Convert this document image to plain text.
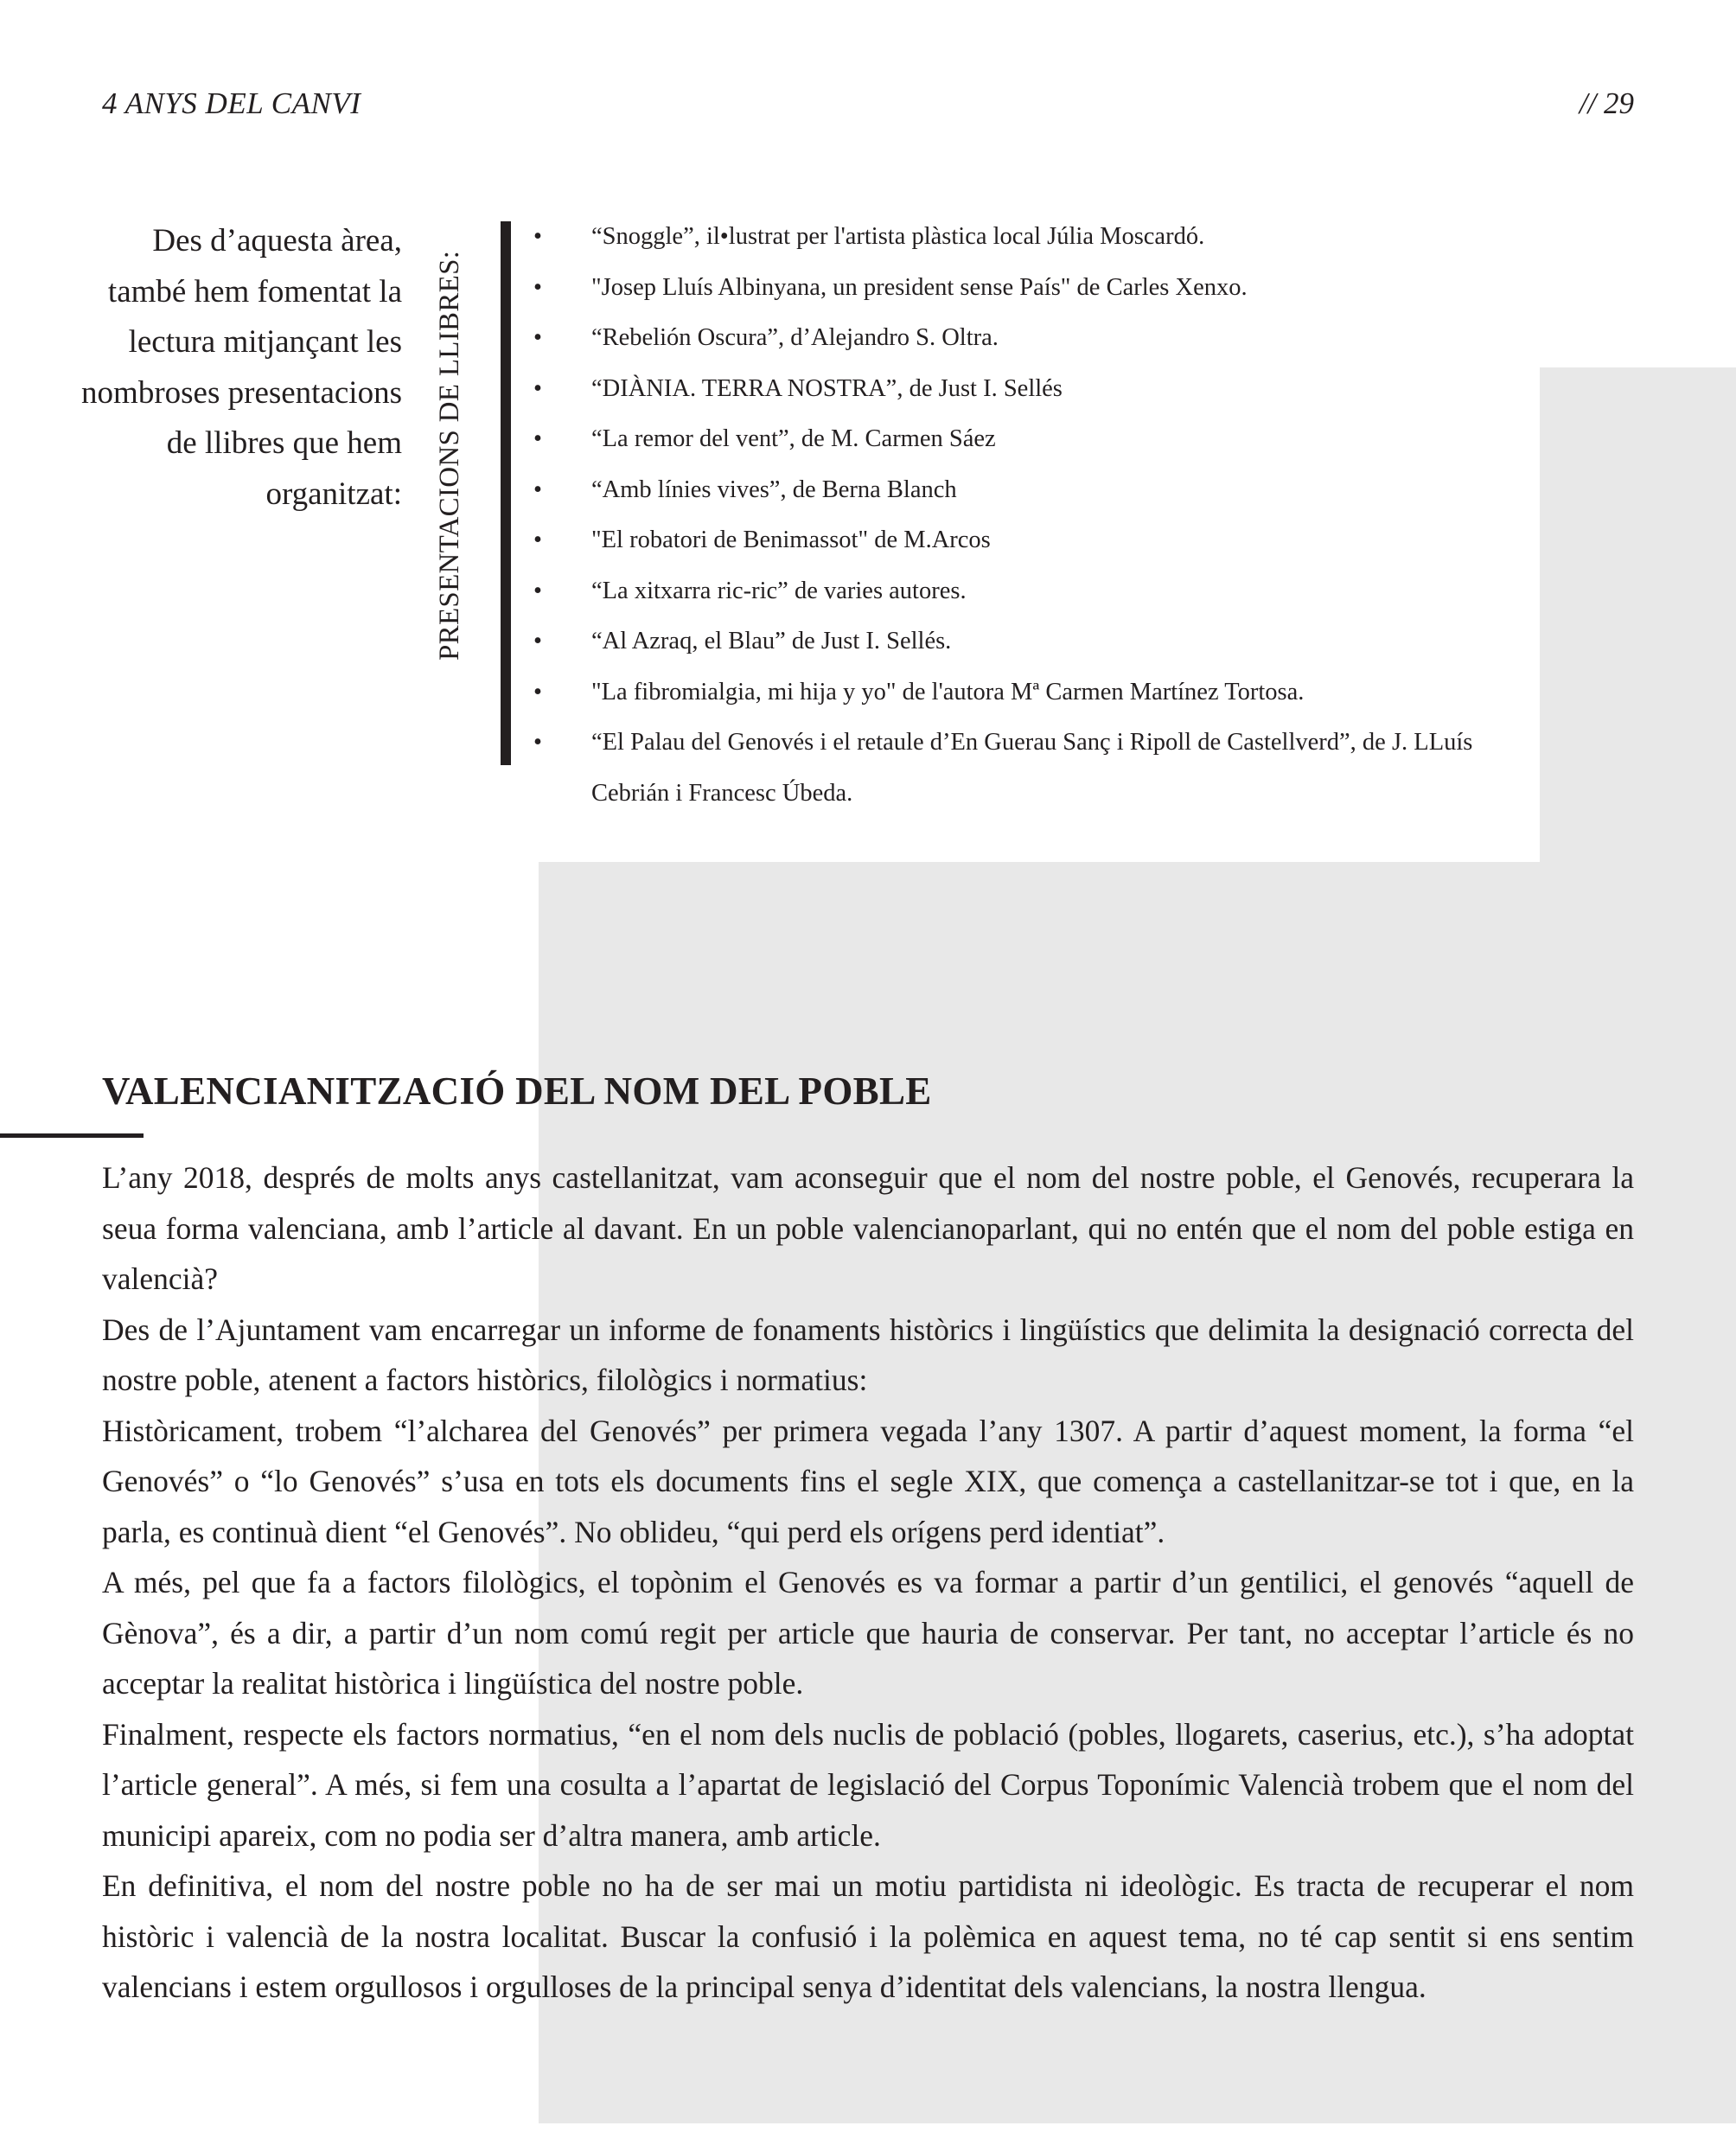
4 ANYS DEL CANVI	// 29
Des d’aquesta àrea, també hem fomentat la lectura mitjançant les nombroses presentacions de llibres que hem organitzat: PRESENTACIONS DE LLIBRES:
• “Snoggle”, il•lustrat per l'artista plàstica local Júlia Moscardó.
• "Josep Lluís Albinyana, un president sense País" de Carles Xenxo.
• “Rebelión Oscura”, d’Alejandro S. Oltra.
• “DIÀNIA. TERRA NOSTRA”, de Just I. Sellés
• “La remor del vent”, de M. Carmen Sáez
• “Amb línies vives”, de Berna Blanch
• "El robatori de Benimassot" de M.Arcos
• “La xitxarra ric-ric” de varies autores.
• “Al Azraq, el Blau” de Just I. Sellés.
• "La fibromialgia, mi hija y yo" de l'autora Mª Carmen Martínez Tortosa.
• “El Palau del Genovés i el retaule d’En Guerau Sanç i Ripoll de Castellverd”, de J. LLuís Cebrián i Francesc Úbeda.
VALENCIANITZACIÓ DEL NOM DEL POBLE

L’any 2018, després de molts anys castellanitzat, vam aconseguir que el nom del nostre poble, el Genovés, recuperara la seua forma valenciana, amb l’article al davant. En un poble valencianoparlant, qui no entén que el nom del poble estiga en valencià?

Des de l’Ajuntament vam encarregar un informe de fonaments històrics i lingüístics que delimita la designació correcta del nostre poble, atenent a factors històrics, filològics i normatius:

Històricament, trobem “l’alcharea del Genovés” per primera vegada l’any 1307. A partir d’aquest moment, la forma “el Genovés” o “lo Genovés” s’usa en tots els documents fins el segle XIX, que comença a castellanitzar-se tot i que, en la parla, es continuà dient “el Genovés”. No oblideu, “qui perd els orígens perd identiat”.

A més, pel que fa a factors filològics, el topònim el Genovés es va formar a partir d’un gentilici, el genovés “aquell de Gènova”, és a dir, a partir d’un nom comú regit per article que hauria de conservar. Per tant, no acceptar l’article és no acceptar la realitat històrica i lingüística del nostre poble.

Finalment, respecte els factors normatius, “en el nom dels nuclis de població (pobles, llogarets, caserius, etc.), s’ha adoptat l’article general”. A més, si fem una cosulta a l’apartat de legislació del Corpus Toponímic Valencià trobem que el nom del municipi apareix, com no podia ser d’altra manera, amb article.

En definitiva, el nom del nostre poble no ha de ser mai un motiu partidista ni ideològic. Es tracta de recuperar el nom històric i valencià de la nostra localitat. Buscar la confusió i la polèmica en aquest tema, no té cap sentit si ens sentim valencians i estem orgullosos i orgulloses de la principal senya d’identitat dels valencians, la nostra llengua.
